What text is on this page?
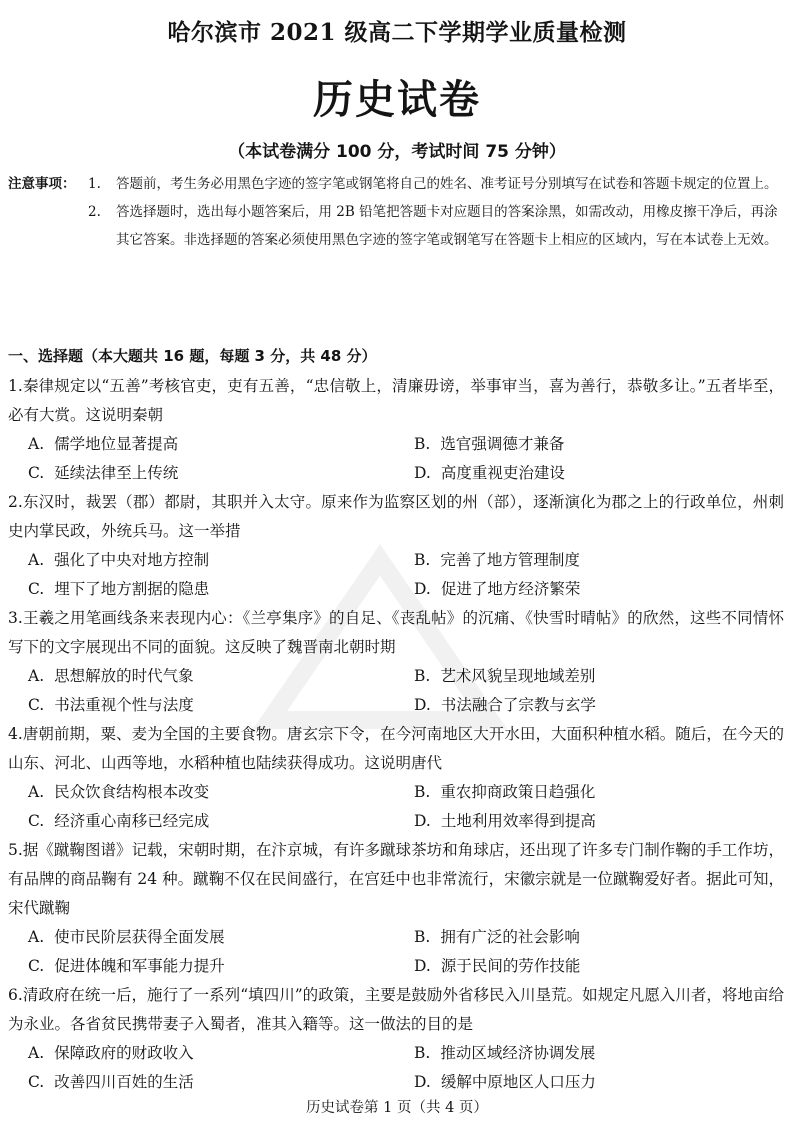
哈尔滨市 2021 级高二下学期学业质量检测
历史试卷
（本试卷满分 100 分，考试时间 75 分钟）
注意事项： 1. 答题前，考生务必用黑色字迹的签字笔或钢笔将自己的姓名、准考证号分别填写在试卷和答题卡规定的位置上。
2. 答选择题时，选出每小题答案后，用 2B 铅笔把答题卡对应题目的答案涂黑，如需改动，用橡皮擦干净后，再涂其它答案。非选择题的答案必须使用黑色字迹的签字笔或钢笔写在答题卡上相应的区域内，写在本试卷上无效。
一、选择题（本大题共 16 题，每题 3 分，共 48 分）
1.秦律规定以“五善”考核官吏，吏有五善，“忠信敬上，清廉毋谤，举事审当，喜为善行，恭敬多让。”五者毕至，必有大赏。这说明秦朝
A. 儒学地位显著提高	B. 选官强调德才兼备
C. 延续法律至上传统	D. 高度重视吏治建设
2.东汉时，裁罢（郡）都尉，其职并入太守。原来作为监察区划的州（部），逐渐演化为郡之上的行政单位，州刺史内掌民政，外统兵马。这一举措
A. 强化了中央对地方控制	B. 完善了地方管理制度
C. 埋下了地方割据的隐患	D. 促进了地方经济繁荣
3.王羲之用笔画线条来表现内心：《兰亭集序》的自足、《丧乱帖》的沉痛、《快雪时晴帖》的欣然，这些不同情怀写下的文字展现出不同的面貌。这反映了魏晋南北朝时期
A. 思想解放的时代气象	B. 艺术风貌呈现地域差别
C. 书法重视个性与法度	D. 书法融合了宗教与玄学
4.唐朝前期，粟、麦为全国的主要食物。唐玄宗下令，在今河南地区大开水田，大面积种植水稻。随后，在今天的山东、河北、山西等地，水稻种植也陆续获得成功。这说明唐代
A. 民众饮食结构根本改变	B. 重农抑商政策日趋强化
C. 经济重心南移已经完成	D. 土地利用效率得到提高
5.据《蹴鞠图谱》记载，宋朝时期，在汴京城，有许多蹴球茶坊和角球店，还出现了许多专门制作鞠的手工作坊，有品牌的商品鞠有 24 种。蹴鞠不仅在民间盛行，在宫廷中也非常流行，宋徽宗就是一位蹴鞠爱好者。据此可知，宋代蹴鞠
A. 使市民阶层获得全面发展	B. 拥有广泛的社会影响
C. 促进体魄和军事能力提升	D. 源于民间的劳作技能
6.清政府在统一后，施行了一系列“填四川”的政策，主要是鼓励外省移民入川垦荒。如规定凡愿入川者，将地亩给为永业。各省贫民携带妻子入蜀者，准其入籍等。这一做法的目的是
A. 保障政府的财政收入	B. 推动区域经济协调发展
C. 改善四川百姓的生活	D. 缓解中原地区人口压力
历史试卷第 1 页（共 4 页）
